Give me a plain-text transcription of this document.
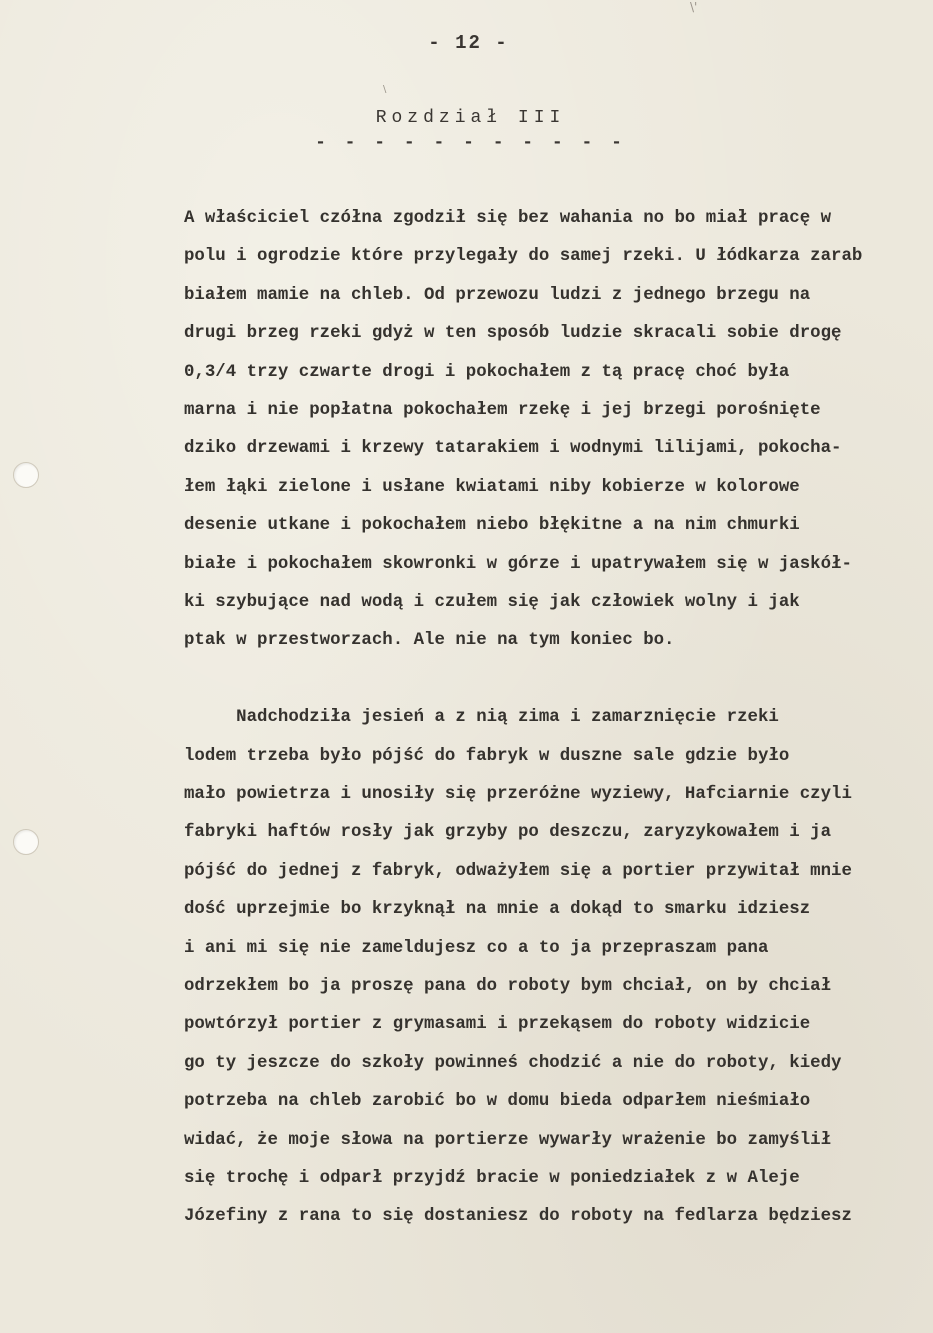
\'
\
- 12 -
Rozdział III
- - - - - - - - - - -
A właściciel czółna zgodził się bez wahania no bo miał pracę w
polu i ogrodzie które przylegały do samej rzeki. U łódkarza zarab
białem mamie na chleb. Od przewozu ludzi z jednego brzegu na
drugi brzeg rzeki gdyż w ten sposób ludzie skracali sobie drogę
0,3/4 trzy czwarte drogi i pokochałem z tą pracę choć była
marna i nie popłatna pokochałem rzekę i jej brzegi porośnięte
dziko drzewami i krzewy tatarakiem i wodnymi lilijami, pokocha-
łem łąki zielone i usłane kwiatami niby kobierze w kolorowe
desenie utkane i pokochałem niebo błękitne a na nim chmurki
białe i pokochałem skowronki w górze i upatrywałem się w jaskół-
ki szybujące nad wodą i czułem się jak człowiek wolny i jak
ptak w przestworzach. Ale nie na tym koniec bo.
Nadchodziła jesień a z nią zima i zamarznięcie rzeki
lodem trzeba było pójść do fabryk w duszne sale gdzie było
mało powietrza i unosiły się przeróżne wyziewy, Hafciarnie czyli
fabryki haftów rosły jak grzyby po deszczu, zaryzykowałem i ja
pójść do jednej z fabryk, odważyłem się a portier przywitał mnie
dość uprzejmie bo krzyknął na mnie a dokąd to smarku idziesz
i ani mi się nie zameldujesz co a to ja przepraszam pana
odrzekłem bo ja proszę pana do roboty bym chciał, on by chciał
powtórzył portier z grymasami i przekąsem do roboty widzicie
go ty jeszcze do szkoły powinneś chodzić a nie do roboty, kiedy
potrzeba na chleb zarobić bo w domu bieda odparłem nieśmiało
widać, że moje słowa na portierze wywarły wrażenie bo zamyślił
się trochę i odparł przyjdź bracie w poniedziałek z w Aleje
Józefiny z rana to się dostaniesz do roboty na fedlarza będziesz
